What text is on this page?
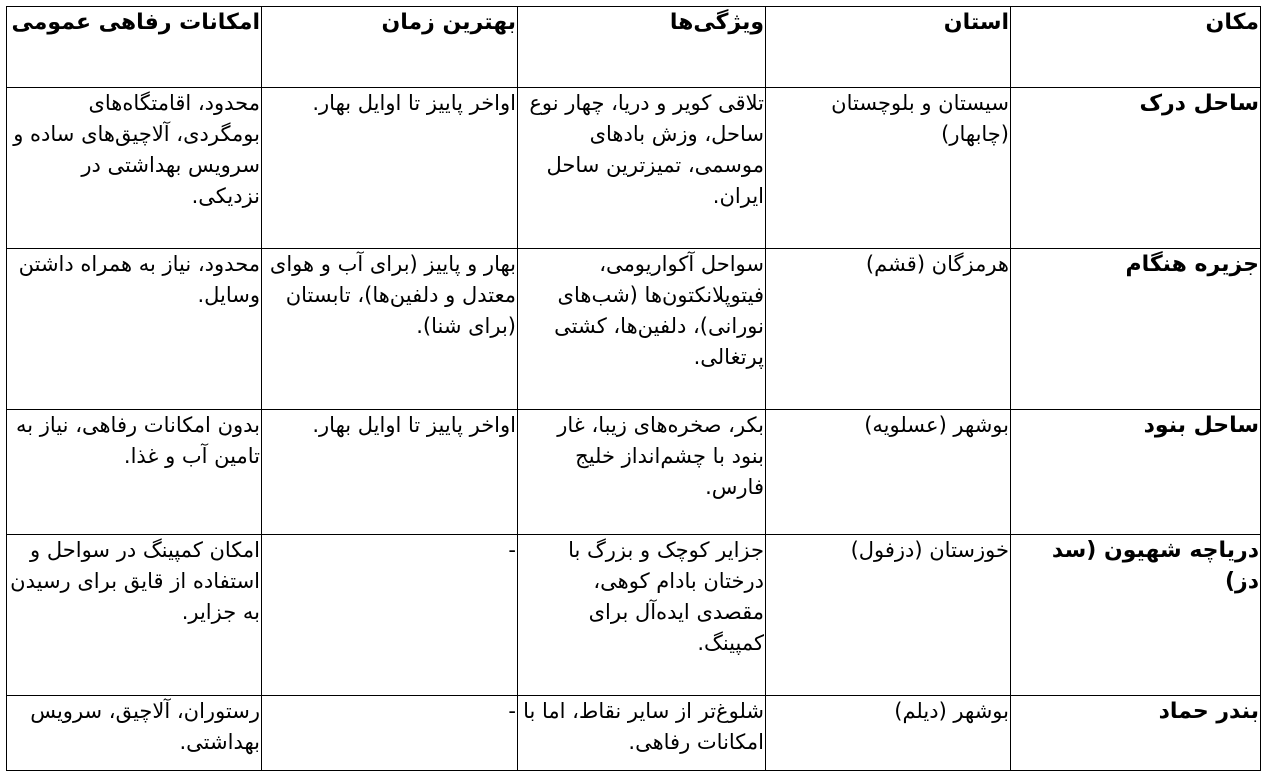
مکان	استان	ویژگی‌ها	بهترین زمان	امکانات رفاهی عمومی
ساحل درک	سیستان و بلوچستان (چابهار)	تلاقی کویر و دریا، چهار نوع ساحل، وزش بادهای موسمی، تمیزترین ساحل ایران.	اواخر پاییز تا اوایل بهار.	محدود، اقامتگاه‌های بومگردی، آلاچیق‌های ساده و سرویس بهداشتی در نزدیکی.
جزیره هنگام	هرمزگان (قشم)	سواحل آکواریومی، فیتوپلانکتون‌ها (شب‌های نورانی)، دلفین‌ها، کشتی پرتغالی.	بهار و پاییز (برای آب و هوای معتدل و دلفین‌ها)، تابستان (برای شنا).	محدود، نیاز به همراه داشتن وسایل.
ساحل بنود	بوشهر (عسلویه)	بکر، صخره‌های زیبا، غار بنود با چشم‌انداز خلیج فارس.	اواخر پاییز تا اوایل بهار.	بدون امکانات رفاهی، نیاز به تامین آب و غذا.
دریاچه شهیون (سد دز)	خوزستان (دزفول)	جزایر کوچک و بزرگ با درختان بادام کوهی، مقصدی ایده‌آل برای کمپینگ.	-	امکان کمپینگ در سواحل و استفاده از قایق برای رسیدن به جزایر.
بندر حماد	بوشهر (دیلم)	شلوغ‌تر از سایر نقاط، اما با امکانات رفاهی.	-	رستوران، آلاچیق، سرویس بهداشتی.
